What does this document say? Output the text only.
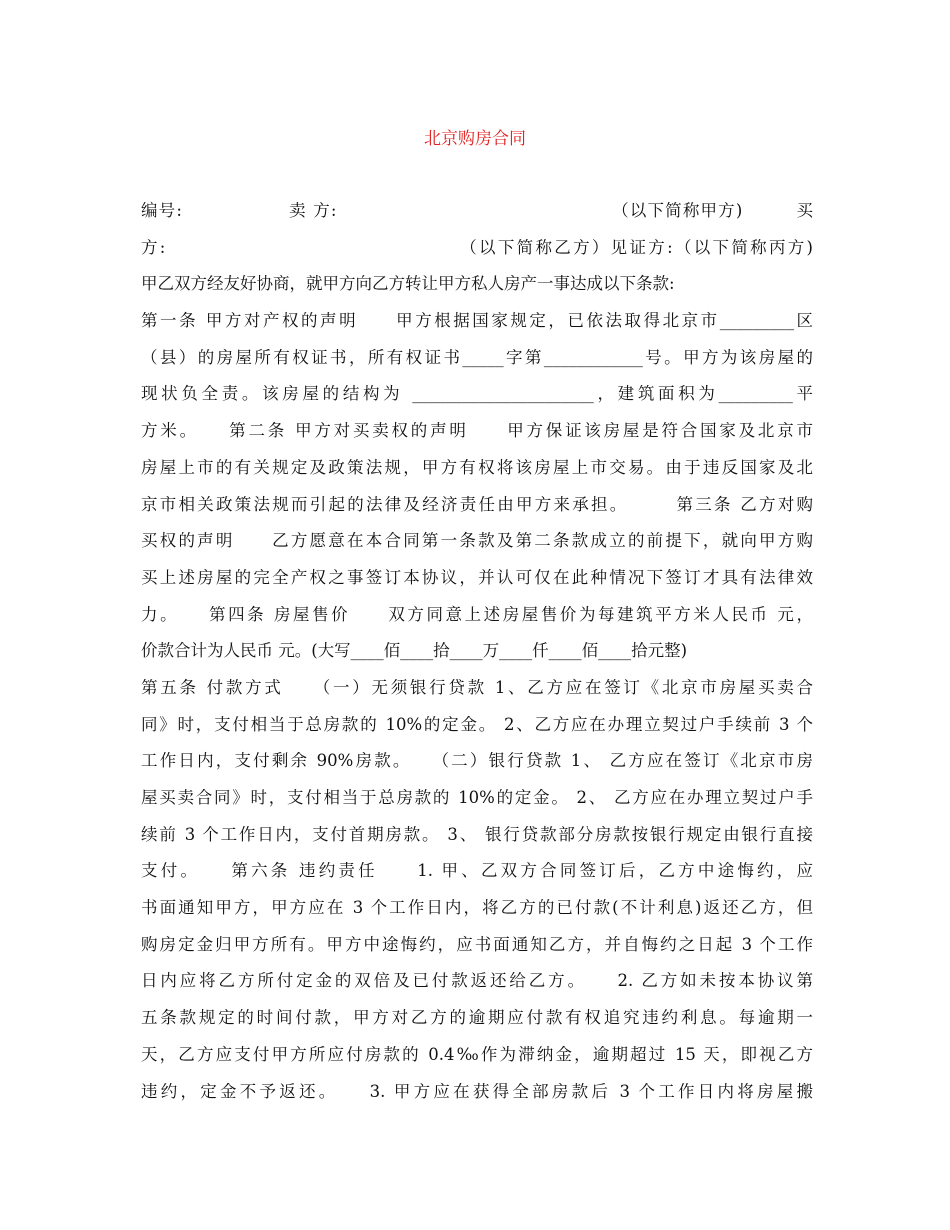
北京购房合同
编号:　　　　　　卖 方:　　　　　　　　　　　　　　　　（以下简称甲方)　　　买
方:　　　　　　　　　　　　　　　　（以下简称乙方）见证方:（以下简称丙方)
甲乙双方经友好协商，就甲方向乙方转让甲方私人房产一事达成以下条款:
第一条 甲方对产权的声明　　甲方根据国家规定，已依法取得北京市_________区
（县）的房屋所有权证书，所有权证书_____字第____________号。甲方为该房屋的
现状负全责。该房屋的结构为 ______________________，建筑面积为_________平
方米。　　第二条 甲方对买卖权的声明　　甲方保证该房屋是符合国家及北京市
房屋上市的有关规定及政策法规，甲方有权将该房屋上市交易。由于违反国家及北
京市相关政策法规而引起的法律及经济责任由甲方来承担。　　　第三条 乙方对购
买权的声明　　乙方愿意在本合同第一条款及第二条款成立的前提下，就向甲方购
买上述房屋的完全产权之事签订本协议，并认可仅在此种情况下签订才具有法律效
力。　　第四条 房屋售价　　双方同意上述房屋售价为每建筑平方米人民币 元，
价款合计为人民币 元。(大写____佰____拾____万____仟____佰____拾元整)
第五条 付款方式　　（一）无须银行贷款 1、乙方应在签订《北京市房屋买卖合
同》时，支付相当于总房款的 10%的定金。 2、乙方应在办理立契过户手续前 3 个
工作日内，支付剩余 90%房款。　　（二）银行贷款 1、 乙方应在签订《北京市房
屋买卖合同》时，支付相当于总房款的 10%的定金。 2、 乙方应在办理立契过户手
续前 3 个工作日内，支付首期房款。 3、 银行贷款部分房款按银行规定由银行直接
支付。　　第六条 违约责任　　1. 甲、乙双方合同签订后，乙方中途悔约，应
书面通知甲方，甲方应在 3 个工作日内，将乙方的已付款(不计利息)返还乙方，但
购房定金归甲方所有。甲方中途悔约，应书面通知乙方，并自悔约之日起 3 个工作
日内应将乙方所付定金的双倍及已付款返还给乙方。　　2. 乙方如未按本协议第
五条款规定的时间付款，甲方对乙方的逾期应付款有权追究违约利息。每逾期一
天，乙方应支付甲方所应付房款的 0.4‰作为滞纳金，逾期超过 15 天，即视乙方
违约，定金不予返还。　　3. 甲方应在获得全部房款后 3 个工作日内将房屋搬
